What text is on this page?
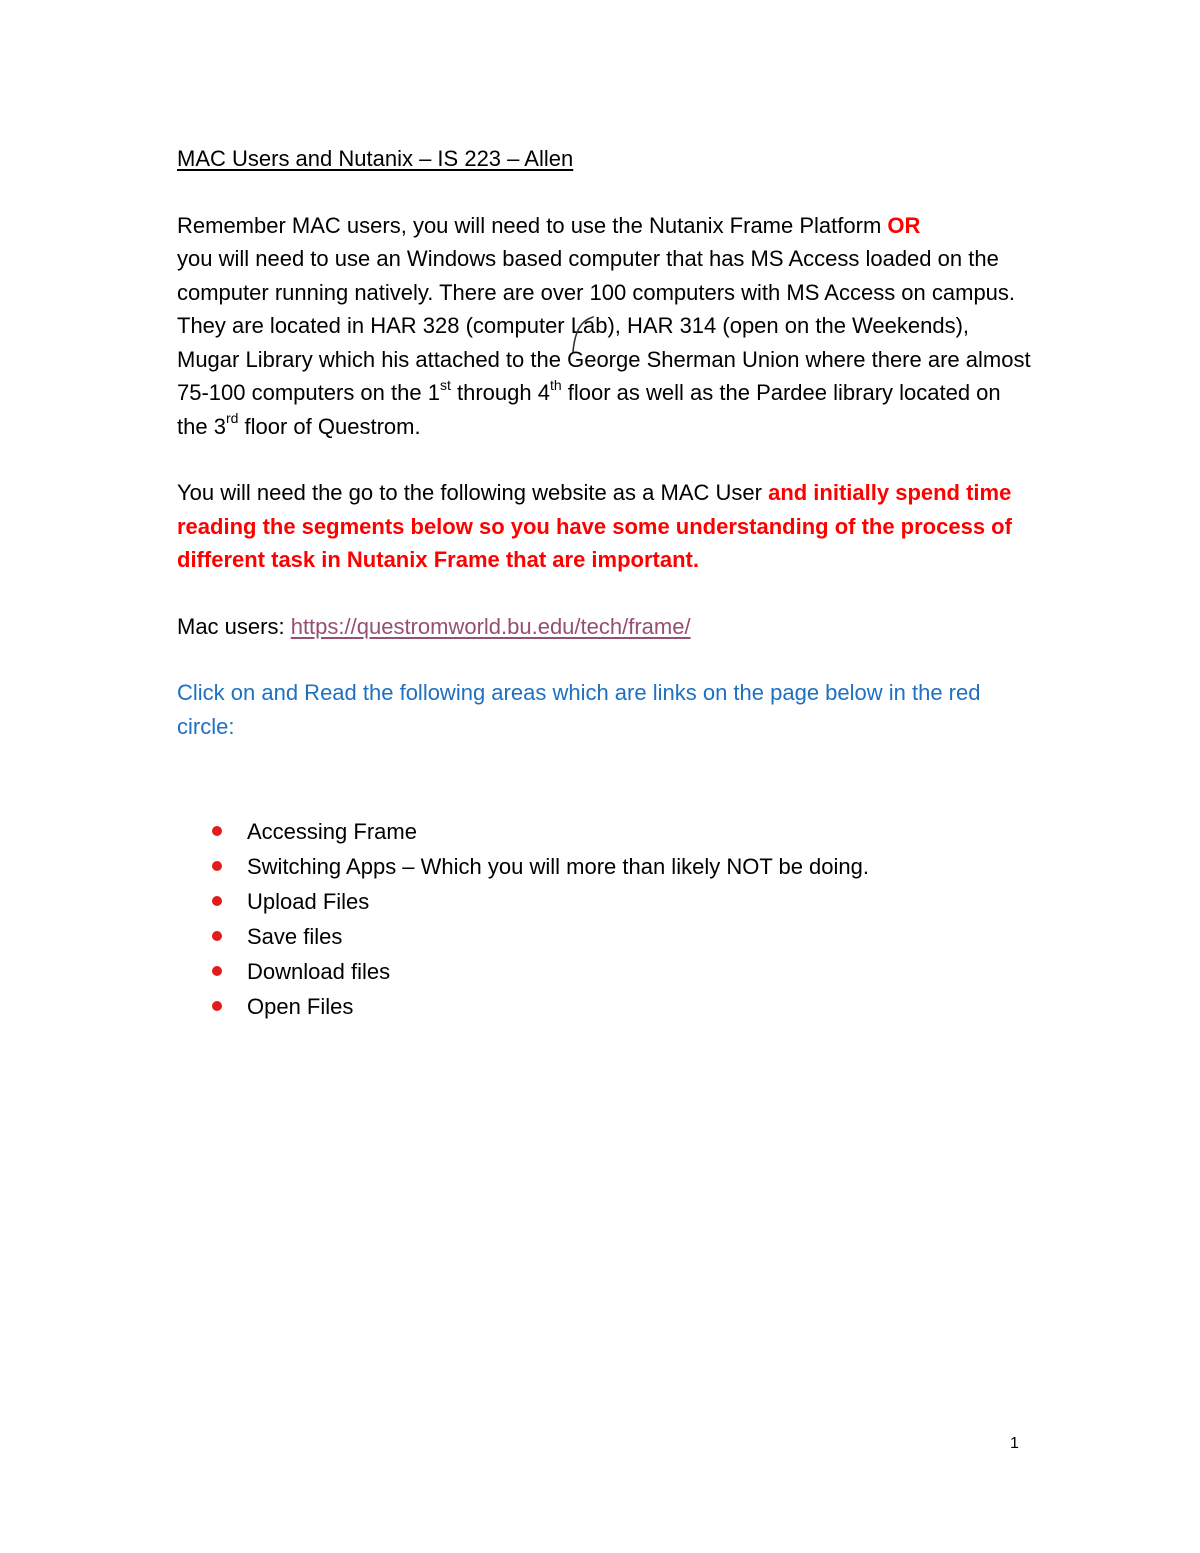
MAC Users and Nutanix – IS 223 – Allen

Remember MAC users, you will need to use the Nutanix Frame Platform OR
you will need to use an Windows based computer that has MS Access loaded on the computer running natively. There are over 100 computers with MS Access on campus. They are located in HAR 328 (computer Lab), HAR 314 (open on the Weekends), Mugar Library which his attached to the George Sherman Union where there are almost 75-100 computers on the 1st through 4th floor as well as the Pardee library located on the 3rd floor of Questrom.

You will need the go to the following website as a MAC User and initially spend time reading the segments below so you have some understanding of the process of different task in Nutanix Frame that are important.

Mac users: https://questromworld.bu.edu/tech/frame/

Click on and Read the following areas which are links on the page below in the red circle:

Accessing Frame
Switching Apps – Which you will more than likely NOT be doing.
Upload Files
Save files
Download files
Open Files
1
